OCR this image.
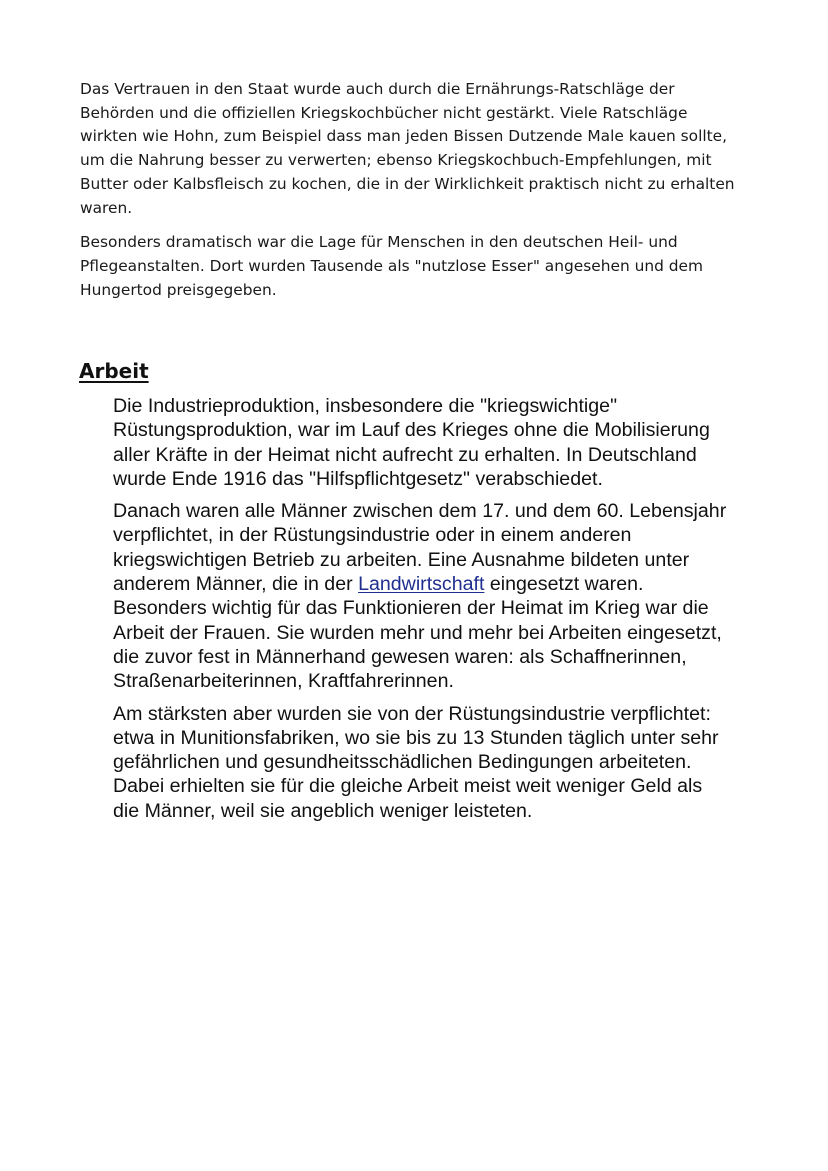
Das Vertrauen in den Staat wurde auch durch die Ernährungs-Ratschläge der Behörden und die offiziellen Kriegskochbücher nicht gestärkt. Viele Ratschläge wirkten wie Hohn, zum Beispiel dass man jeden Bissen Dutzende Male kauen sollte, um die Nahrung besser zu verwerten; ebenso Kriegskochbuch-Empfehlungen, mit Butter oder Kalbsfleisch zu kochen, die in der Wirklichkeit praktisch nicht zu erhalten waren.

Besonders dramatisch war die Lage für Menschen in den deutschen Heil- und Pflegeanstalten. Dort wurden Tausende als "nutzlose Esser" angesehen und dem Hungertod preisgegeben.

Arbeit

Die Industrieproduktion, insbesondere die "kriegswichtige" Rüstungsproduktion, war im Lauf des Krieges ohne die Mobilisierung aller Kräfte in der Heimat nicht aufrecht zu erhalten. In Deutschland wurde Ende 1916 das "Hilfspflichtgesetz" verabschiedet.

Danach waren alle Männer zwischen dem 17. und dem 60. Lebensjahr verpflichtet, in der Rüstungsindustrie oder in einem anderen kriegswichtigen Betrieb zu arbeiten. Eine Ausnahme bildeten unter anderem Männer, die in der Landwirtschaft eingesetzt waren.

Besonders wichtig für das Funktionieren der Heimat im Krieg war die Arbeit der Frauen. Sie wurden mehr und mehr bei Arbeiten eingesetzt, die zuvor fest in Männerhand gewesen waren: als Schaffnerinnen, Straßenarbeiterinnen, Kraftfahrerinnen.

Am stärksten aber wurden sie von der Rüstungsindustrie verpflichtet: etwa in Munitionsfabriken, wo sie bis zu 13 Stunden täglich unter sehr gefährlichen und gesundheitsschädlichen Bedingungen arbeiteten. Dabei erhielten sie für die gleiche Arbeit meist weit weniger Geld als die Männer, weil sie angeblich weniger leisteten.
